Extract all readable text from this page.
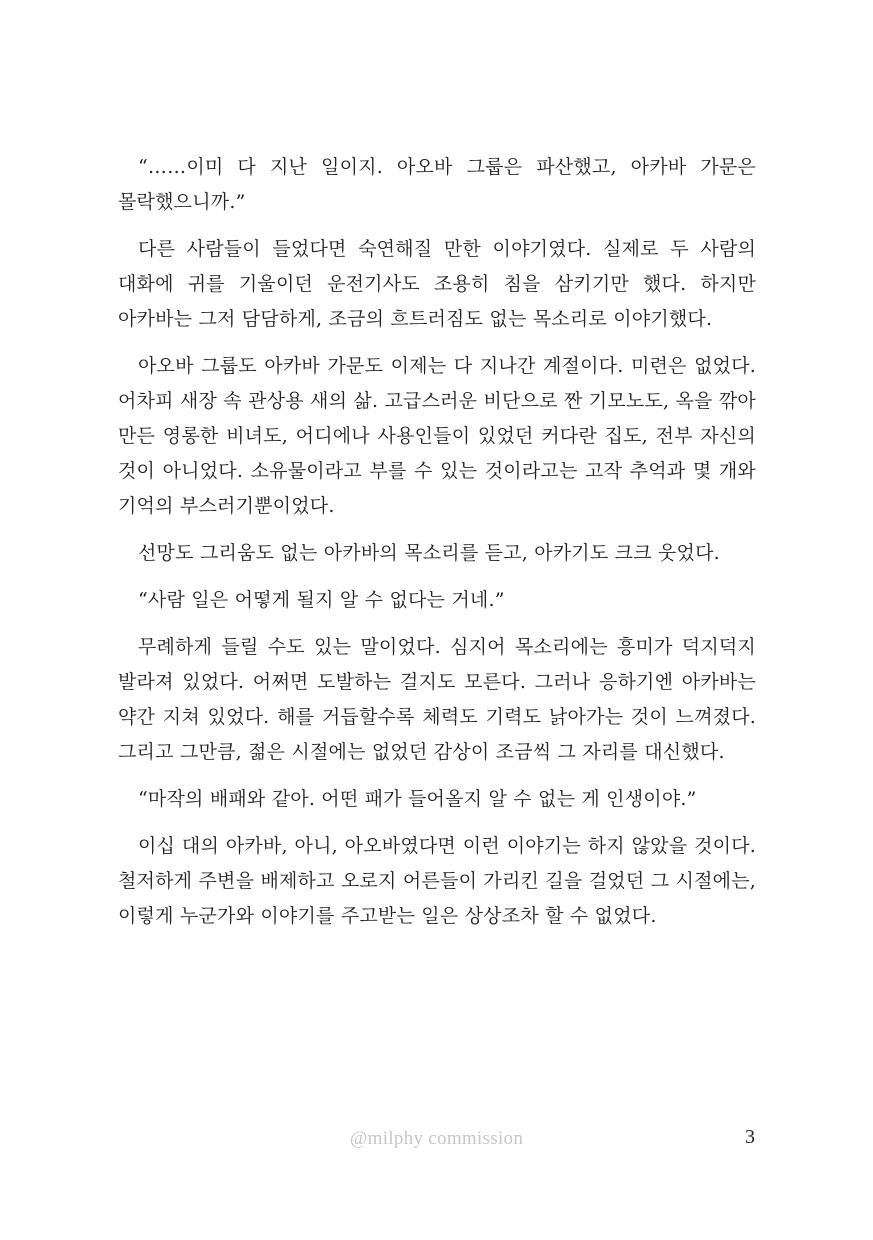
“……이미 다 지난 일이지. 아오바 그룹은 파산했고, 아카바 가문은 몰락했으니까.”

다른 사람들이 들었다면 숙연해질 만한 이야기였다. 실제로 두 사람의 대화에 귀를 기울이던 운전기사도 조용히 침을 삼키기만 했다. 하지만 아카바는 그저 담담하게, 조금의 흐트러짐도 없는 목소리로 이야기했다.

아오바 그룹도 아카바 가문도 이제는 다 지나간 계절이다. 미련은 없었다. 어차피 새장 속 관상용 새의 삶. 고급스러운 비단으로 짠 기모노도, 옥을 깎아 만든 영롱한 비녀도, 어디에나 사용인들이 있었던 커다란 집도, 전부 자신의 것이 아니었다. 소유물이라고 부를 수 있는 것이라고는 고작 추억과 몇 개와 기억의 부스러기뿐이었다.

선망도 그리움도 없는 아카바의 목소리를 듣고, 아카기도 크크 웃었다.

“사람 일은 어떻게 될지 알 수 없다는 거네.”

무례하게 들릴 수도 있는 말이었다. 심지어 목소리에는 흥미가 덕지덕지 발라져 있었다. 어쩌면 도발하는 걸지도 모른다. 그러나 응하기엔 아카바는 약간 지쳐 있었다. 해를 거듭할수록 체력도 기력도 낡아가는 것이 느껴졌다. 그리고 그만큼, 젊은 시절에는 없었던 감상이 조금씩 그 자리를 대신했다.

“마작의 배패와 같아. 어떤 패가 들어올지 알 수 없는 게 인생이야.”

이십 대의 아카바, 아니, 아오바였다면 이런 이야기는 하지 않았을 것이다. 철저하게 주변을 배제하고 오로지 어른들이 가리킨 길을 걸었던 그 시절에는, 이렇게 누군가와 이야기를 주고받는 일은 상상조차 할 수 없었다.

@milphy commission	3
